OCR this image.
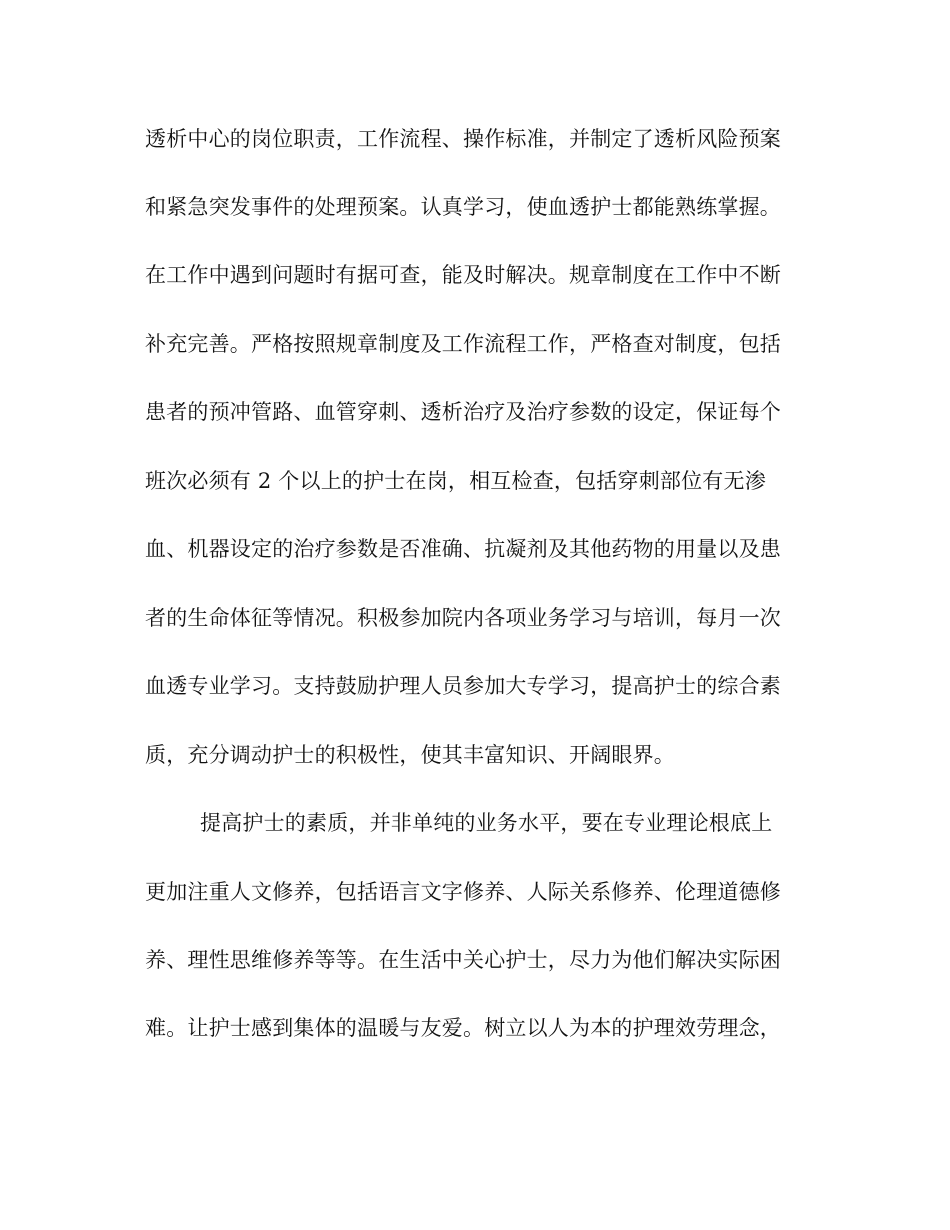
透析中心的岗位职责，工作流程、操作标准，并制定了透析风险预案
和紧急突发事件的处理预案。认真学习，使血透护士都能熟练掌握。
在工作中遇到问题时有据可查，能及时解决。规章制度在工作中不断
补充完善。严格按照规章制度及工作流程工作，严格查对制度，包括
患者的预冲管路、血管穿刺、透析治疗及治疗参数的设定，保证每个
班次必须有 2 个以上的护士在岗，相互检查，包括穿刺部位有无渗
血、机器设定的治疗参数是否准确、抗凝剂及其他药物的用量以及患
者的生命体征等情况。积极参加院内各项业务学习与培训，每月一次
血透专业学习。支持鼓励护理人员参加大专学习，提高护士的综合素
质，充分调动护士的积极性，使其丰富知识、开阔眼界。
提高护士的素质，并非单纯的业务水平，要在专业理论根底上
更加注重人文修养，包括语言文字修养、人际关系修养、伦理道德修
养、理性思维修养等等。在生活中关心护士，尽力为他们解决实际困
难。让护士感到集体的温暖与友爱。树立以人为本的护理效劳理念，
